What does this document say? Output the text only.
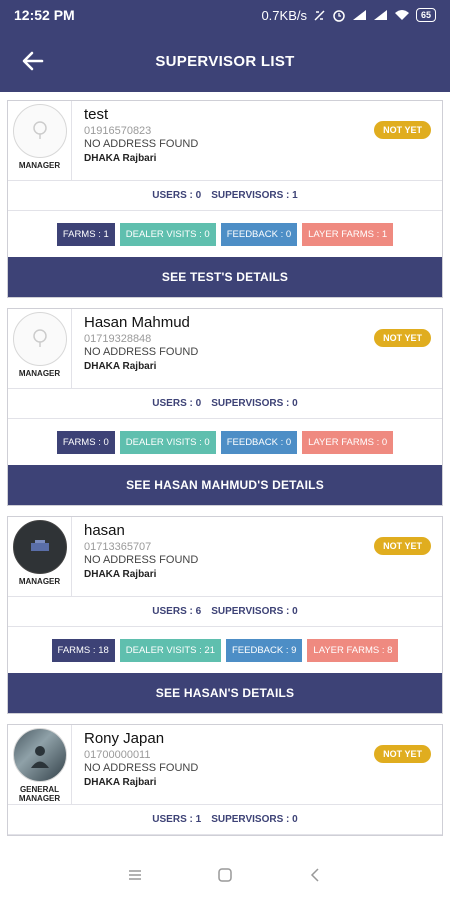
12:52 PM	0.7KB/s	65
SUPERVISOR LIST
MANAGER
test
01916570823
NO ADDRESS FOUND
DHAKA Rajbari
NOT YET
USERS : 0 SUPERVISORS : 1
FARMS : 1	DEALER VISITS : 0	FEEDBACK : 0	LAYER FARMS : 1
SEE TEST'S DETAILS
MANAGER
Hasan Mahmud
01719328848
NO ADDRESS FOUND
DHAKA Rajbari
NOT YET
USERS : 0 SUPERVISORS : 0
FARMS : 0	DEALER VISITS : 0	FEEDBACK : 0	LAYER FARMS : 0
SEE HASAN MAHMUD'S DETAILS
MANAGER
hasan
01713365707
NO ADDRESS FOUND
DHAKA Rajbari
NOT YET
USERS : 6 SUPERVISORS : 0
FARMS : 18	DEALER VISITS : 21	FEEDBACK : 9	LAYER FARMS : 8
SEE HASAN'S DETAILS
GENERAL MANAGER
Rony Japan
01700000011
NO ADDRESS FOUND
DHAKA Rajbari
NOT YET
USERS : 1 SUPERVISORS : 0
